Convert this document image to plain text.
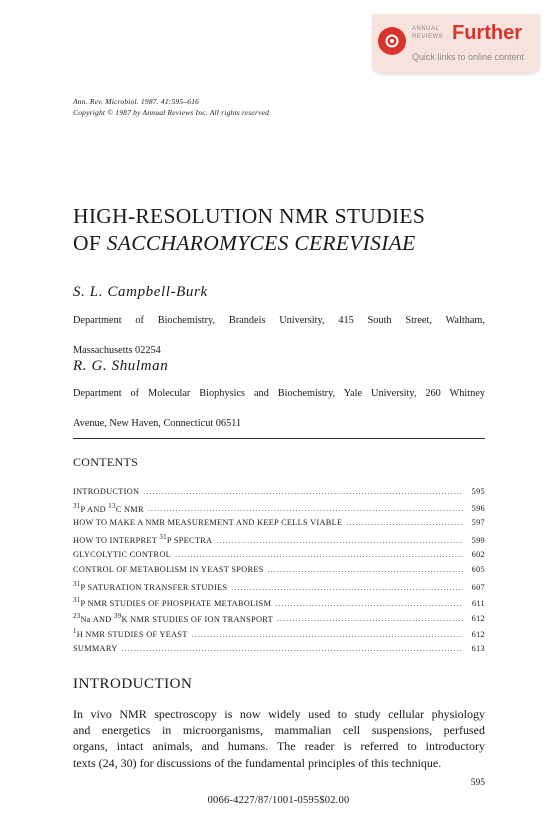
ANNUAL
REVIEWS Further
Quick links to online content
Ann. Rev. Microbiol. 1987. 41:595–616
Copyright © 1987 by Annual Reviews Inc. All rights reserved
HIGH-RESOLUTION NMR STUDIES
OF SACCHAROMYCES CEREVISIAE
S. L. Campbell-Burk
Department of Biochemistry, Brandeis University, 415 South Street, Waltham,
Massachusetts 02254
R. G. Shulman
Department of Molecular Biophysics and Biochemistry, Yale University, 260 Whitney
Avenue, New Haven, Connecticut 06511
CONTENTS
INTRODUCTION .....	595
$^{31}$P AND $^{13}$C NMR .....	596
HOW TO MAKE A NMR MEASUREMENT AND KEEP CELLS VIABLE .....	597
HOW TO INTERPRET $^{31}$P SPECTRA .....	599
GLYCOLYTIC CONTROL .....	602
CONTROL OF METABOLISM IN YEAST SPORES .....	605
$^{31}$P SATURATION TRANSFER STUDIES .....	607
$^{31}$P NMR STUDIES OF PHOSPHATE METABOLISM .....	611
$^{23}$Na AND $^{39}$K NMR STUDIES OF ION TRANSPORT .....	612
$^1$H NMR STUDIES OF YEAST .....	612
SUMMARY .....	613
INTRODUCTION
In vivo NMR spectroscopy is now widely used to study cellular physiology
and energetics in microorganisms, mammalian cell suspensions, perfused
organs, intact animals, and humans. The reader is referred to introductory
texts (24, 30) for discussions of the fundamental principles of this technique.
595
0066-4227/87/1001-0595$02.00
